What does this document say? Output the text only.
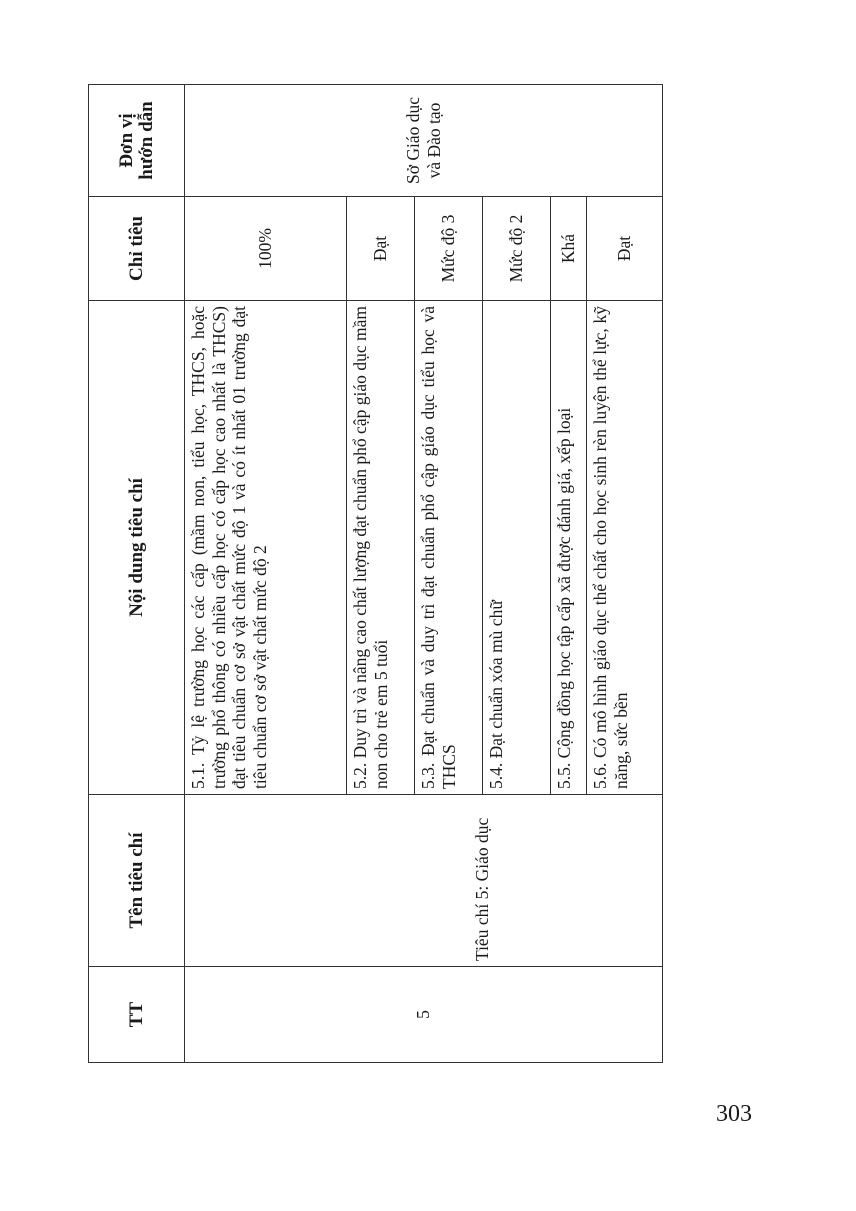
TT	Tên tiêu chí	Nội dung tiêu chí	Chỉ tiêu	Đơn vị hướn dẫn
5	Tiêu chí 5: Giáo dục	5.1. Tỷ lệ trường học các cấp (mầm non, tiểu học, THCS, hoặc trường phổ thông có nhiều cấp học có cấp học cao nhất là THCS) đạt tiêu chuẩn cơ sở vật chất mức độ 1 và có ít nhất 01 trường đạt tiêu chuẩn cơ sở vật chất mức độ 2	100%	Sở Giáo dục và Đào tạo
		5.2. Duy trì và nâng cao chất lượng đạt chuẩn phổ cập giáo dục mầm non cho trẻ em 5 tuổi	Đạt	
		5.3. Đạt chuẩn và duy trì đạt chuẩn phổ cập giáo dục tiểu học và THCS	Mức độ 3	
		5.4. Đạt chuẩn xóa mù chữ	Mức độ 2	
		5.5. Cộng đồng học tập cấp xã được đánh giá, xếp loại	Khá	
		5.6. Có mô hình giáo dục thể chất cho học sinh rèn luyện thể lực, kỹ năng, sức bền	Đạt	
303
